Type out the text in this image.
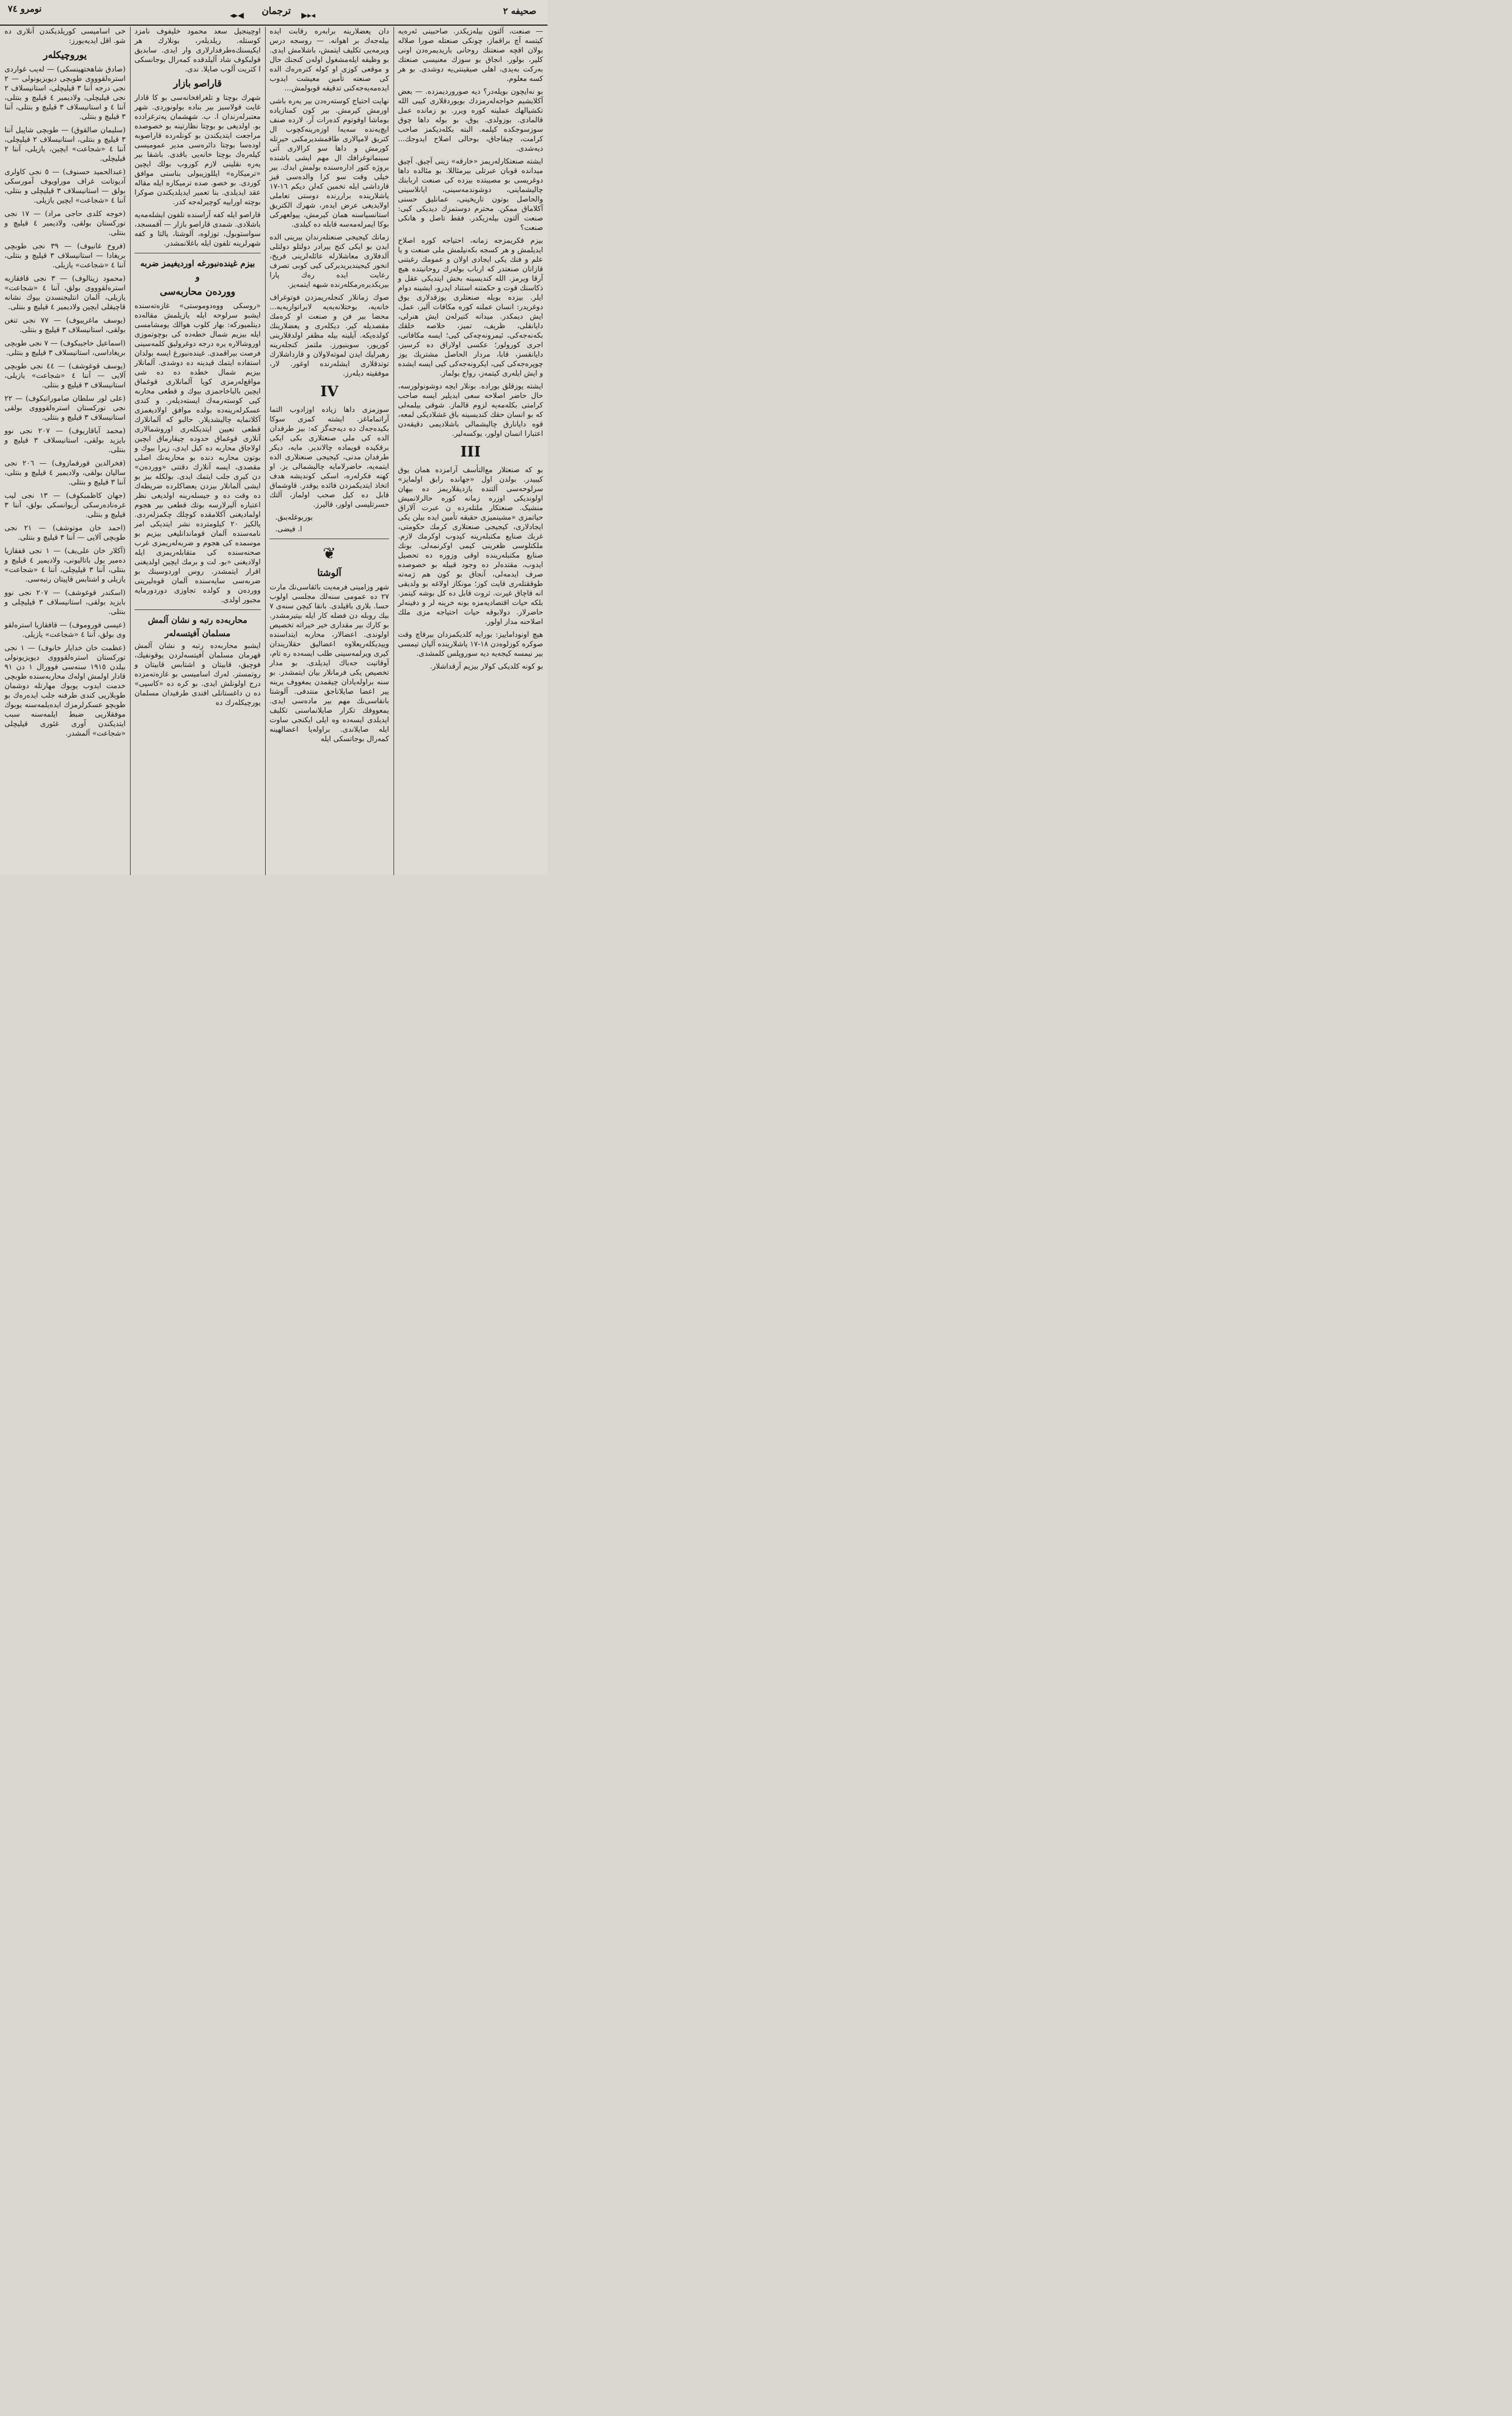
صحیفه ۲
◀▸◂	ترجمان	◂▸▶
نومرو ۷٤

— صنعت، آلتون بیلەزیکدر. صاحبینی ئەرەیە کیتسە آچ براقماز، چونکی صنعتلە صورا صلالە بولان اقچه صنعتنك روحانی باریدیمرەدن اونی کلیر، بولور. انجاق بو سوزك معنیسی صنعتك بەرکت بەیدی، اهلی صیقینتی‌یه دوشدی. بو هر کسه معلوم.

بو نه‌ایچون بویلەدر؟ دیە صوروردیمزده. — بعض آکلایشیم خواجه‌لەرمزدك بویوردقلاری کیبی الله تکشیالهك عملینه کوره ویرر. بو زمانده عمل قالمادی. بوزولدی. یوق، بو بولە داها چوق سوزسوجكده کیلمه. البته بکلەدیکمز صاحب کرامت، چیقاجاق، بوحالی اصلاح ایدوجك... دیەشدی.

ایشته صنعتکارلەریمز «خارقه» زینی آچیق. آچیق میدانده قوبان عبرتلی بیرمئاللا. بو مئالده داها دوغریسی بو مصیبتده بیزده کی صنعت اربابنك چالیشماینی، دوشوندمەسینی، ایانلاسینی والحاصل بوتون تاریخینی، عمانلیق حسنی آکلاماق ممکن. محترم دوستمزك دیدیکی کیی: صنعت آلتون بیلەزیکدر. فقط تاصل و هانکی صنعت؟

بیزم فکریمزجه زمانه، احتیاجه کوره اصلاح ایدیلمش و هر کسجه بکەنیلمش ملی صنعت و یا علم و فنك یکی ایجادی اولان و عمومك رغبتنی قازانان صنعتدر که ارباب بولەرك روحانیتده هیچ آرقا ویرمز. الله کندیسینه بخش ایتدیکی عقل و ذکاسنك قوت و حکمتنه استناد ایدرو، ایشینه دوام ایلر. بیزده بویله صنعتلری یوزقدلارى یوق دوغریدر: انسان عملنه کوره مکافات آلیر، عمل، ایش دیمکدر. میدانه کتیرلەن ایش هنرلی، دایانقلی، ظریف، تمیز، خلاصه خلقك بکەنەجەکی، ئیمرونەچەکی کیی؛ ایسه مکافاتی، اجری کورولور؛ عکسی اولاراق ده کرسیز، دایانقسز، قابا، مردار الحاصل مشتریك یوز چوپرەجەکی کیی، ایکرونەجەکی کیی ایسه ایشده و ایش ایلەری کیتمەز، رواج بولماز.

ایشته یوزقلق بوراده. بونلار ایچه دوشونولورسه، حال حاضر اصلاحه سعی ایدیلیر ایسه صاحب کرامتی بکله‌مه‌یه لزوم قالماز. شوقی بیلمەلی که بو انسان حقك کندیسینه باق غشلادیکی لمعه، قوه دایانارق چالیشمالی باشلادیمی دقیقەدن اعتبارا انسان اولور، یوکسەلیر.

III

بو که صنعتلار مع‌التأسف آرامزده همان یوق کیبیدر. بولدن اول «جهانده رابق اولمایز» سرلوحەسی آلتنده یازدیقلاریمز ده بیهان اولوندیکی اوزره زمانه کوره حالرلانمیش منشیک. صنعتکار ملتلەرده ن عبرت آلاراق حیاتمزی «مشینمیزی حقیقه تأمین ایده بیلن یکی ایجادلاری، کیجیجی صنعتلاری کرمك حکومتی، غربك صنایع مکتبلەرینه کیدوب اوکرمك لازم. ملکتلوسی ظغرینی کیمی اوکرنمەلی. بونك صنایع مکتبلەرینده اوقی وزوره ده تحصیل ایدوب، مقتدەلر ده وجود قبیله بو خصوصده صرف ایدمەلی، آنجاق بو کون هم ژمەتە طوققتلەری قایت کوز؛ مونکاز اولاغه بو ولدیقی انه قاچاق غیرت. ثروت قابل ده کل بوشه کیتمز. بلکه حیات اقتصادیەمزه بونه خرینه لر و دفینه‌لر حاضرلار. دولابوقه حیات احتیاجه مزی ملك اصلاحنه مدار اولور.

هیچ اونوداماییز: بورایه کلدیکمزدان بیرقاچ وقت صوکره کوزلوەدن ۱۸-۱۷ یاشلارینده آلیان تیمسی بیر نیمسه کیجه‌یه دیه سوروپلس کلمشدی.

بو کونه کلدیکی کولار بیزیم آرقداشلار.

دان یعضلارینه برابەره رقابت ایدە بیلەجەك بر اهوانه. — روسجه درس ویرمەیی تکلیف ایتمش، باشلامش ایدی. بو وظیفه ایلەمشغول اولەن کنجنك حال و موقعی کوزی او کولە کترەرەك الده کی صنعته تأمین معیشت ایدوب ایدەمەیەجەکنی تدقیقه قوبولمش...

نهایت احتیاج کوستەرەدن بیر یەرە باشی اورمش کیرمش. بیر کون کمنازیاده بوماشا اوقوتوم کدەرات آر. لارده صنف ایچ‌یەنده سه‌یەا اوزەرینه‌کچوب ال کتریق لامپالاری طاقمشدیرمکنی حیرتله کورمش و داها سو کرالاری آتی سینماتوغرافك ال مهم ایشی باشنده بروژه کتور ادارەسنده بولمش ایدك. بیر خیلی وقت سو کرا والدەسی قیز قارداشی ایله تخمین کەلن دیکم ۱٦-۱۷ یاشلاریندە براررنده دوستی تعاملی اولایدیغی عرض ایدەر، شهرك الکتریق استانسیاسنه همان کیرمش، ییولعهرکی بوکا ایمرلەمەسە قابله ده کیلدی.

زمانك کیجیجی صنعتلەرندان بیرینی الده ایدن بو ایکی کنج بیرادر دولتلو دولتلی آلدفلاری معاشلارلە عائلەلرینی فریخ، انخور کیجیندیریدیرکی کیی کوبی تصرف رعایت ایده رەك پارا بیریکدیرەرمكلەرنده شبهه ایتمەیز.

صوك زمانلار کنجلەریمزدن فوتوغراف خانەیه، بوختلانەیه‌یه لابراتواریه‌یه... محضا بیر فن و صنعت او کرەمك مقصدیله کیر. دیکلەری و یعضلارینك کولدەیکە. آیلینه بیله مظفر اولدقلارینی کوریور، سوینیورز. ملتمز کنجلەرینه رهبرلیك ایدن لموته‌لاولان و قارداشلارك توتدقلاری ایشلەرنده اوغور. لار، موفقیته دیلەرز.

IV

سوزمزی داها زیاده اوزادوب التما آراتماماغز. ایشته کمزی سوکا بکیدەجەك ده دیەجەگز که: بیز طرفدان الده کی ملی صنعتلاری بکی ایکی برقکیده قویماده چالاندیر. مایه، دیکر طرفدان مدنی، کیجیجی صنعتلاری الده ایتمەیه، حاضرلامایه چالیشمالی یز. او کهنه فکرلەره، اسکی کوندیشه هدف اتخاذ ایتدیکمزدن فائده یوقدر. قاوشماق قابل ده کیل صحب اولماز، آلتك حسرتلیسی اولور، قالیرز.

بوربوغلەبىق.
ا. فیضی.
❦
آلوشتا

شهر وزامینی فرمەیت بائقاسی‌نك مارت ۲۷ ده عمومی سنەلك مجلسی اولوب حسا. بلاری باقیلدی. بانقا کیچن سنەی ۷ بیك روبله دن فضله کار ایله بیتیرمشدر. بو کارك بیر مقداری خیر خیراته تخصیص اولوندی. اعضالار، محاربه ایتداسندە وییدیکلەریعلاوه اعضالیق حقلاریندان کیری ویرلمه‌سینی طلب ایسەدە ره تام، آوقاتیت جەباك ایدیلدی. بو مدار تخصیص یکی فرمانلار بیان ایتمشدر. بو سنه براولەیادان چیقمدن یمغووف یرینه ییر اعضا صایلاناجق منتدفی. آلوشتا بانقاسی‌نك مهم بیر مادەسی ایدی. یمعووفك تکرار صایلانماسنی تکلیف ایدیلدی ایسه‌ده وه ایلی ایکنجی ساوت ایله صایلاندی. براولەیا اعضالهینه کمەرال بوجاتسکی ایله

اوچینجیل سعد محمود خلیفوف نامزد کوستله. ریلدیلەر، بونلارك هر ایکیسنك‌ه‌طرفدارلاری وار ایدی. سابدیق قولبکوف شاد آلیلدقده کمەرال بوجانسکی ا کثریت آلوب صایلا. ندی.

قاراصو بازار

شهرك بوچتا و تلغرافخانەسی بو کا قادار غایت قولاسیز بیر بناده بولونوردی. شهر معتبرلەرندان ا. ب. شهشمان پەترغرادده بو. اولدیغی بو بوچتا نظارتینه بو خصوصده مراجعت ایتدیکندن بو کونلەرده قاراصوبه اودەسا بوچتا دائرەسی مدیر عمومیسی کیله‌رەك بوچتا خانەیی باقدی. باشقا بیر یەرە نقلینی لازم کوروب بولك ایچین «ترمیکاره» ایللوزیبولی بناسنی موافق کوردی. بو خصو. صده ترمیکاره ایله مقاله عقد ایدیلدی. بنا تعمیر ایدیلدیکندن صوکرا بوچته اوراییه کوچیرلەجه کدر.

قاراصو ایله کفه آراسنده تلفون ایشلەمەیه باشلادی. شمدی قاراصو بازار — آقمسجد، سواستوبول، توزلوه، آلوشتا، یالتا و کفه شهرلرینه تلفون ایله باغلانمشدر.

بیزم غیندەنبورغه اوردیغیمز ضربه
و
ووردەن محاربەسی

«روسکی ووەدوموستی» غازه‌تەسنده ایشبو سرلوحه ایله یازیلمش مقاله‌ده دینلمیورکه: بهار کلوب هوالك یومشامسی ایله بیزیم شمال خطه‌ده کی بوچوتموزی اوروشالاره یره درجه دوغرولیق کلمه‌سینی فرصت بیراقمدی. غیندەنبورغ ایسه بولدان استفاده ایتمك قیدینه ده دوشدی. آلمانلار بیزیم شمال خطده ده ده شی مواقع‌لەرمزی کویا آلمانلاری قوغماق ایچین بالباخاجمزی بیوك و قطعی محاربه کیی کوستەرمه‌ك ایسته‌دیلەر. و کندی عسکرلەرینه‌ده بولده موافق اولادیغمزی آکلاتمایه چالیشدیلار. حالبو که آلمانلارك قطعی تعیین ایتدیکلەری اوروشمالاری آنلاری قوغماق حدوده چیقارماق ایچین اولاجاق محاربه ده کیل ایدی، زیرا بیوك و بوتون محاربه دنده بو محاربه‌نك اصلی مقصدی، ایسه آنلارك دقتنی «ووردەن» دن کیری جلب ایتمك ایدی. بولکله بیز بو ایشی آلمانلار بیزدن یعضاکلرده ضریطه‌ك ده وقت ده و جیسلەرینه اولدیغی نظر اعتبارە آلیرلارسه بوتك قطعی بیر هجوم اولمادیغنی آکلامقده کوچلك چکمزلەردی. یالکیز ۲۰ کیلومترده نشر ایتدیکی امر نامەسنده آلمان قوماندانلیغی بیزیم بو موسمده کی هجوم و ضربه‌لەریمزی غرب صحنه‌سنده کی متقابلەریمزی ایله اولادیغنی «بو. لت و برمك ایچین اولدیغنی اقرار ایتمشدر. روس اوردوسینك بو ضربەسی سایه‌سنده آلمان قوەلیرینی ووردەن و کولده تجاوزی دوردورمایه مجبور اولدی.

محاربه‌ده رتبه و نشان آلمش
مسلمان آفیتسه‌لەر

ایشبو محاربه‌ده رتبه و نشان آلمش قهرمان مسلمان آفیتسەلردن یوقونفیك، فوچیق، قابیتان و اشتابس قابیتان و روتمستر. لەرك اسامیسی بو غازەتەمزده درج اولونلش ایدی. بو کره ده «کاسپی» ده ن داغستانلی افندی طرفیدان مسلمان یورچیکلەرك ده

خی اسامیسی کوریلدیکندن آنلاری ده شو. اقل ایدیه‌یورز:

یوروچیکلەر
(صادق شاهختهینسکی) — لەیب غواردی استرەلقوووی طوبچی دیویزیونولی — ۲ نجی درجه آننا ۳ قیلیچلی، استانیسلاف ۲ نجی قیلیچلی، ولادیمیر ٤ قیلیچ و بنتلی، آننا ٤ و استانیسلاف ۳ قیلیچ و بنتلی، آننا ۳ قیلیچ و بنتلی.
(سلیمان صالقوق) — طوبچی شاپیل آننا ۳ قیلیچ و بنتلی، استانیسلاف ۲ قیلیچلی، آننا ٤ «شجاعت» ایچین، یازیلی، آننا ۲ قیلیچلی.
(عبدالحمید حسنوف) — ٥ نجی کاولری آدیوتانت غراف موراویوف آمورسکی بولق — استانیسلاف ۳ قیلیچلی و بنتلی، آننا ٤ «شجاعت» ایچین یازیلی.
(خوجه کلدی حاجی مراد) — ۱۷ نجی تورکستان بولقی، ولادیمیر ٤ قیلیچ و بنتلی.
(فروخ غانیوف) — ۳۹ نجی طوبچی بریغادا — استانیسلاف ۳ قیلیچ و بنتلی، آننا ٤ «شجاعت» یازیلی.
(محمود زینالوف) — ۳ نجی قافقازیه استرەلقوووی بولق، آننا ٤ «شجاعت» یازیلی، آلمان انتلیجنسدن بیوك نشانه قاچیقلی ایچین ولادیمیر ٤ قیلیچ و بنتلی.
(یوسف ماغریبوف) — ۷۷ نجی تنغن بولقی، استانیسلاف ۳ قیلیچ و بنتلی.
(اسماعیل حاجیبکوف) — ۷ نجی طوبچی بریغاداسی، استانیسلاف ۳ قیلیچ و بنتلی.
(یوسف قوغوشف) — ٤٤ نجی طوبچی آلایی — آننا ٤ «شجاعت» یازیلی، استانیسلاف ۳ قیلیچ و بنتلی.
(علی لور سلطان صاموراتبکوف) — ۲۲ نجی تورکستان استرەلقوووی بولقی استانیسلاف ۳ قیلیچ و بنتلی.
(محمد آباقاریوف) — ۲۰۷ نجی نوو بایزید بولقی، استانیسلاف ۳ قیلیچ و بنتلی.
(فخرالدین قورقمازوف) — ۲۰٦ نجی سالیان بولقی، ولادیمیر ٤ قیلیچ و بنتلی، آننا ۳ قیلیچ و بنتلی.
(جهان کاظمبکوف) — ۱۳ نجی لیب غرەنادەرسکی آریوانسکی بولق، آننا ۳ قیلیچ و بنتلی.
(احمد خان موتوشف) — ۲۱ نجی طوبچی آلایی — آننا ۳ قیلیچ و بنتلی.
(آکلار خان علی‌یف) — ۱ نجی قفقازیا دەمیر یول باتالیونی، ولادیمیر ٤ قیلیچ و بنتلی، آننا ۳ قیلیچلی، آننا ٤ «شجاعت» یازیلی و اشتابس قاپیتان رتبه‌سی.
(اسکندر قوغوشف) — ۲۰۷ نجی نوو بایزید بولقی، استانیسلاف ۳ قیلیچلی و بنتلی.
(عیسی قوروموف) — قافقازیا استرەلقو وی بولق، آننا ٤ «شجاعت» یازیلی.
(عظمت خان خدایار خانوف) — ۱ نجی تورکستان استرەلقوووی دیویزیونولی بیلدن ۱۹۱٥ سنه‌سی فوورال ۱ دن ۹۱ قادار اولمش اولەك محاربه‌سنده طوبچی خدمت ایدوب یوبوك مهارتله دوشمان طوبلاریی کندی طرفنه جلب ایدەرەك بو طوبچو عسکرلرمزك ایدەیلمه‌سنه یوبوك موفقلاریی ضبط ایلمه‌سنه سبب ایتدیکندن آوری غئوری قیلیچلی «شجاعت» آلمشدر.
